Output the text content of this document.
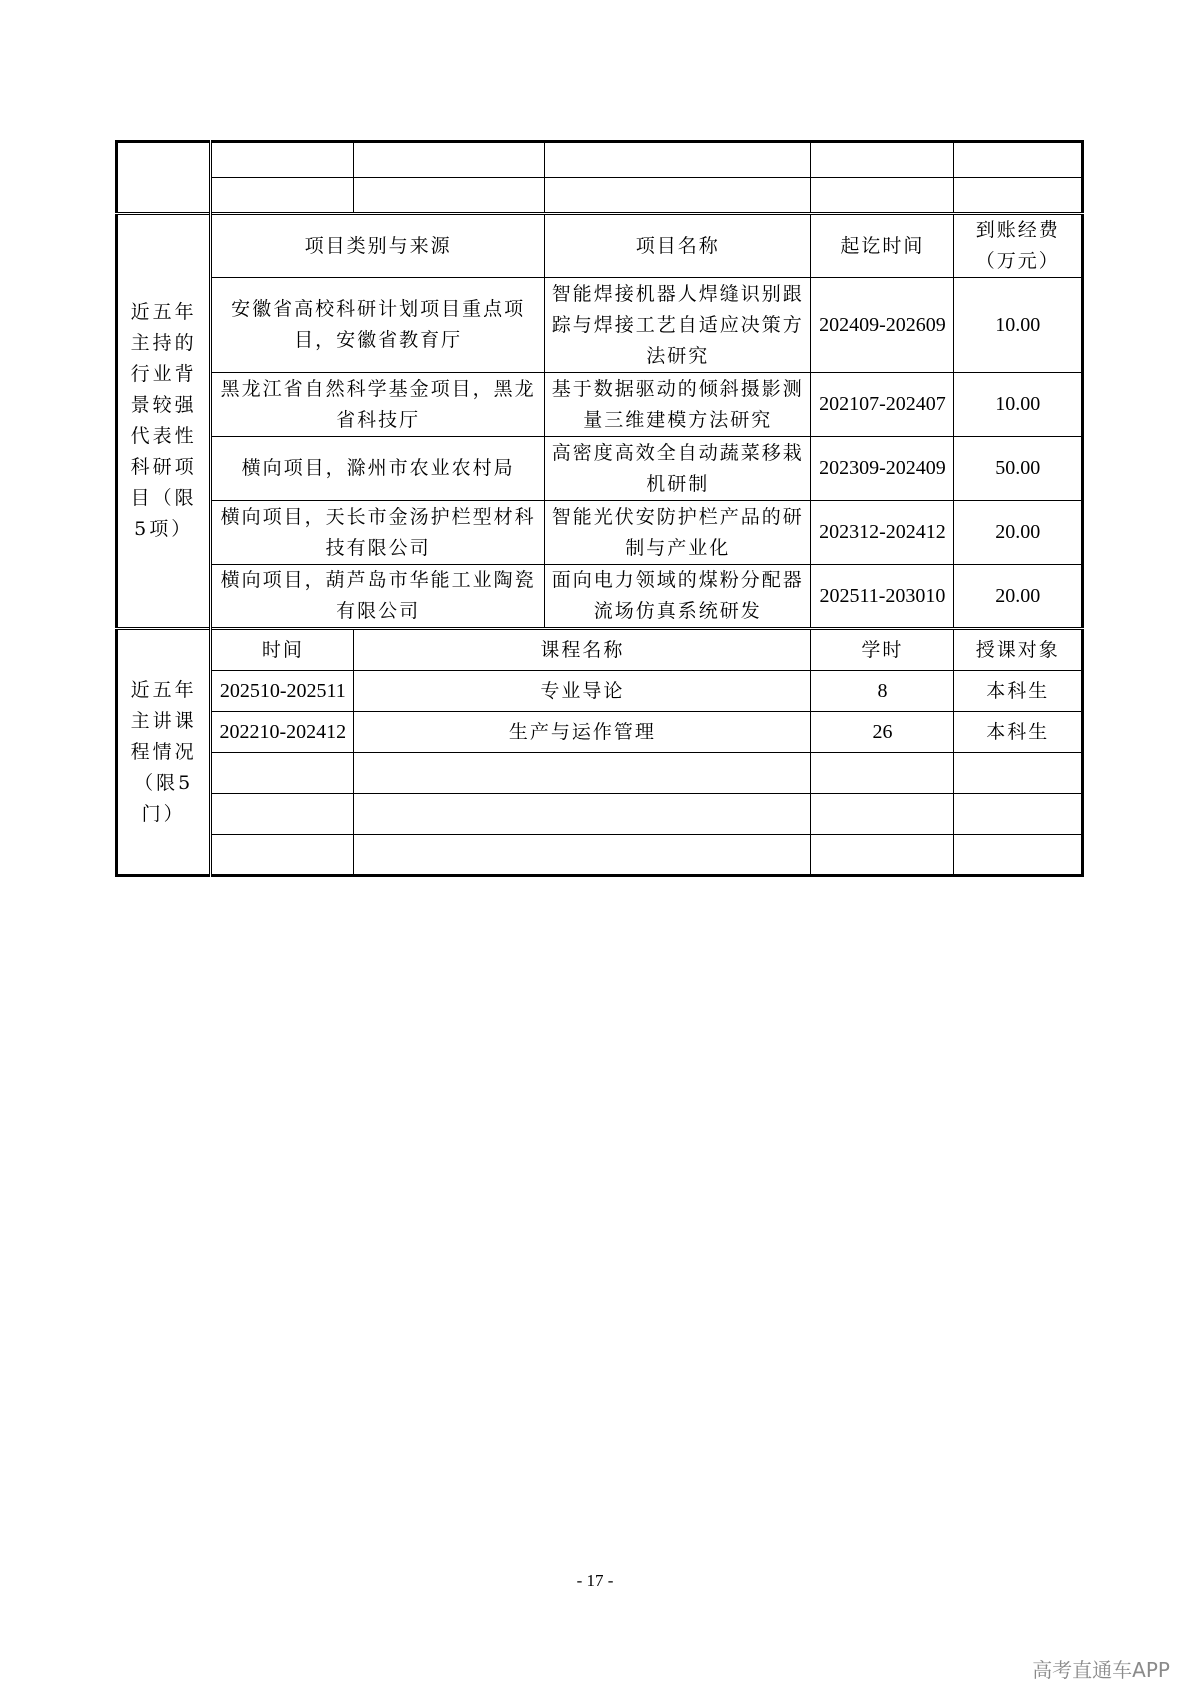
近五年主持的行业背景较强代表性科研项目（限5项）	项目类别与来源		项目名称	起讫时间	到账经费（万元）
	安徽省高校科研计划项目重点项目，安徽省教育厅		智能焊接机器人焊缝识别跟踪与焊接工艺自适应决策方法研究	202409-202609	10.00
	黑龙江省自然科学基金项目，黑龙省科技厅		基于数据驱动的倾斜摄影测量三维建模方法研究	202107-202407	10.00
	横向项目，滁州市农业农村局		高密度高效全自动蔬菜移栽机研制	202309-202409	50.00
	横向项目，天长市金汤护栏型材科技有限公司		智能光伏安防护栏产品的研制与产业化	202312-202412	20.00
	横向项目，葫芦岛市华能工业陶瓷有限公司		面向电力领域的煤粉分配器流场仿真系统研发	202511-203010	20.00
近五年主讲课程情况（限5门）	时间	课程名称		学时	授课对象
	202510-202511	专业导论		8	本科生
	202210-202412	生产与运作管理		26	本科生

- 17 -
高考直通车APP
